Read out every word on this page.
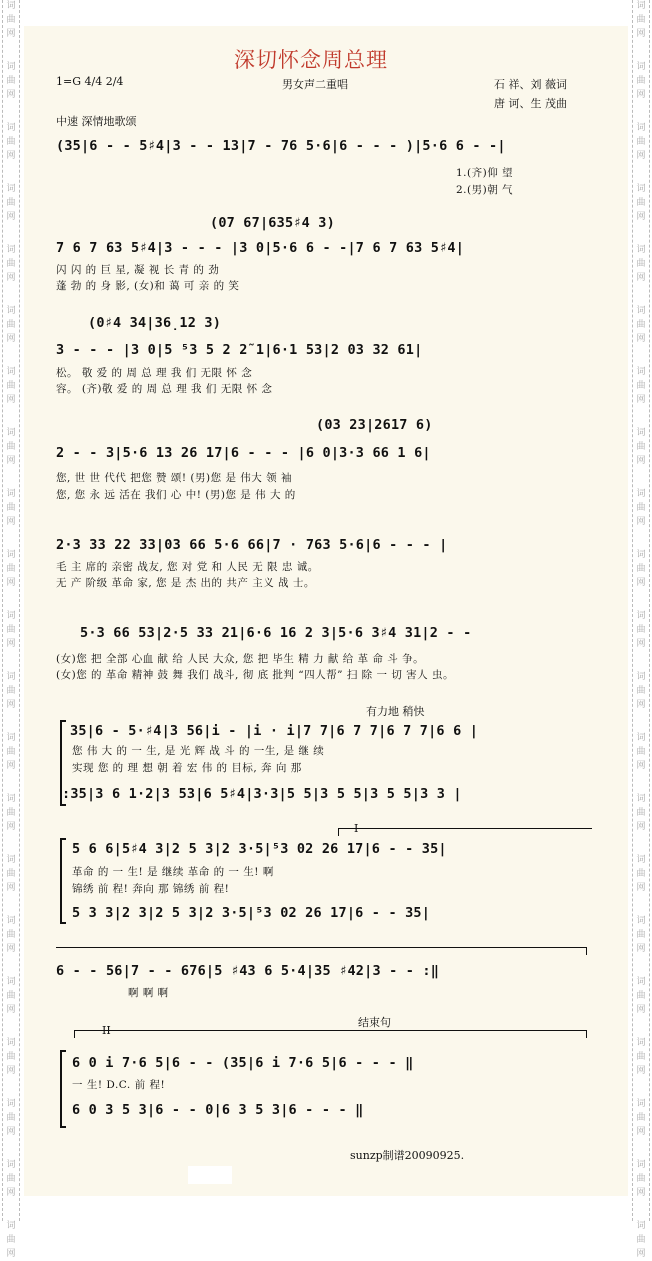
词
曲
网
词
曲
网
词
曲
网
词
曲
网
词
曲
网
词
曲
网
词
曲
网
词
曲
网
词
曲
网
词
曲
网
词
曲
网
词
曲
网
词
曲
网
词
曲
网
词
曲
网
词
曲
网
词
曲
网
词
曲
网
词
曲
网
词
曲
网
词
曲
网
词
曲
网
词
曲
网
词
曲
网
词
曲
网
词
曲
网
词
曲
网
词
曲
网
词
曲
网
词
曲
网
词
曲
网
词
曲
网
词
曲
网
词
曲
网
词
曲
网
词
曲
网
词
曲
网
词
曲
网
词
曲
网
词
曲
网
词
曲
网
词
曲
网
深切怀念周总理
1=G 4/4 2/4	男女声二重唱	石 祥、刘 薇词
唐 诃、生 茂曲
中速 深情地歌颂
(35|6 - - 5♯4|3 - - 13|7 - 76 5·6|6 - - - )|5·6 6 - -|
1.(齐)仰 望
2.(男)朝 气
(07 67|635♯4 3)
7 6 7 63 5♯4|3 - - - |3 0|5·6 6 - -|7 6 7 63 5♯4|
闪 闪 的 巨 星, 凝 视 长 青 的 劲
蓬 勃 的 身 影, (女)和 蔼 可 亲 的 笑
(0♯4 34|36̣12 3)
3 - - - |3 0|5 ⁵3 5 2 2̃ 1|6·1 53|2 03 32 61|
松。 敬 爱 的 周 总 理 我 们 无限 怀 念
容。 (齐)敬 爱 的 周 总 理 我 们 无限 怀 念
(03 23|2617 6)
2 - - 3|5·6 13 26 17|6 - - - |6 0|3·3 66 1 6|
您, 世 世 代代 把您 赞 颂! (男)您 是 伟大 领 袖
您, 您 永 远 活在 我们 心 中! (男)您 是 伟 大 的
2·3 33 22 33|03 66 5·6 66|7 · 763 5·6|6 - - - |
毛 主 席的 亲密 战友, 您 对 党 和 人民 无 限 忠 诚。
无 产 阶级 革命 家, 您 是 杰 出的 共产 主义 战 士。
5·3 66 53|2·5 33 21|6·6 16 2 3|5·6 3♯4 31|2 - -
(女)您 把 全部 心血 献 给 人民 大众, 您 把 毕生 精 力 献 给 革 命 斗 争。
(女)您 的 革命 精神 鼓 舞 我们 战斗, 彻 底 批判 “四人帮” 扫 除 一 切 害人 虫。
有力地 稍快
35|6 - 5·♯4|3 56|i - |i · i|7 7|6 7 7|6 7 7|6 6 |
您 伟 大 的 一 生, 是 光 辉 战 斗 的 一生, 是 继 续
实现 您 的 理 想 朝 着 宏 伟 的 目标, 奔 向 那
:35|3 6 1·2|3 53|6 5♯4|3·3|5 5|3 5 5|3 5 5|3 3 |
I
5 6 6|5♯4 3|2 5 3|2 3·5|⁵3 02 26 17|6 - - 35|
革命 的 一 生! 是 继续 革命 的 一 生! 啊
锦绣 前 程! 奔向 那 锦绣 前 程!
5 3 3|2 3|2 5 3|2 3·5|⁵3 02 26 17|6 - - 35|
6 - - 56|7 - - 676|5 ♯43 6 5·4|35 ♯42|3 - - :‖
啊 啊 啊
结束句
II
6 0 i 7·6 5|6 - - (35|6 i 7·6 5|6 - - - ‖
一 生! D.C. 前 程!
6 0 3 5 3|6 - - 0|6 3 5 3|6 - - - ‖
sunzp制谱20090925.
